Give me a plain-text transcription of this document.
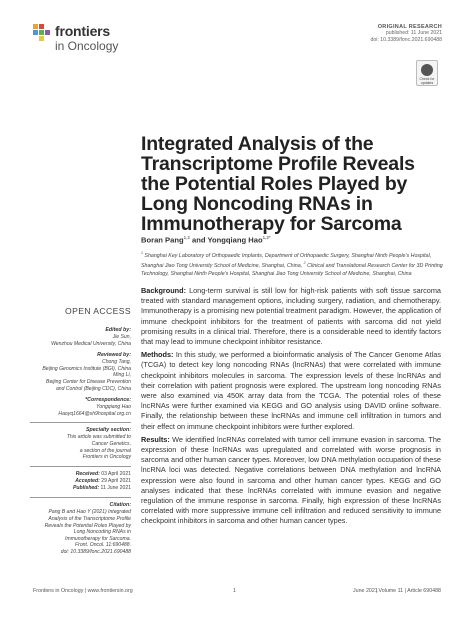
frontiers
in Oncology
ORIGINAL RESEARCH
published: 11 June 2021
doi: 10.3389/fonc.2021.690488
Check for updates
Integrated Analysis of the Transcriptome Profile Reveals the Potential Roles Played by Long Noncoding RNAs in Immunotherapy for Sarcoma
Boran Pang$^{1,2}$ and Yongqiang Hao$^{1,2*}$
$^1$ Shanghai Key Laboratory of Orthopaedic Implants, Department of Orthopaedic Surgery, Shanghai Ninth People's Hospital, Shanghai Jiao Tong University School of Medicine, Shanghai, China, $^2$ Clinical and Translational Research Center for 3D Printing Technology, Shanghai Ninth People's Hospital, Shanghai Jiao Tong University School of Medicine, Shanghai, China
OPEN ACCESS
Edited by:
Jie Sun,
Wenzhou Medical University, China
Reviewed by:
Chong Tang,
Beijing Genomics Institute (BGI), China
Ming Li,
Beijing Center for Disease Prevention
and Control (Beijing CDC), China
*Correspondence:
Yongqiang Hao
Haoyq1664@sh9hospital.org.cn
Specialty section:
This article was submitted to
Cancer Genetics,
a section of the journal
Frontiers in Oncology
Received: 03 April 2021
Accepted: 29 April 2021
Published: 11 June 2021
Citation:
Pang B and Hao Y (2021) Integrated
Analysis of the Transcriptome Profile
Reveals the Potential Roles Played by
Long Noncoding RNAs in
Immunotherapy for Sarcoma.
Front. Oncol. 11:690488.
doi: 10.3389/fonc.2021.690488

Background: Long-term survival is still low for high-risk patients with soft tissue sarcoma treated with standard management options, including surgery, radiation, and chemotherapy. Immunotherapy is a promising new potential treatment paradigm. However, the application of immune checkpoint inhibitors for the treatment of patients with sarcoma did not yield promising results in a clinical trial. Therefore, there is a considerable need to identify factors that may lead to immune checkpoint inhibitor resistance.

Methods: In this study, we performed a bioinformatic analysis of The Cancer Genome Atlas (TCGA) to detect key long noncoding RNAs (lncRNAs) that were correlated with immune checkpoint inhibitors molecules in sarcoma. The expression levels of these lncRNAs and their correlation with patient prognosis were explored. The upstream long noncoding RNAs were also examined via 450K array data from the TCGA. The potential roles of these lncRNAs were further examined via KEGG and GO analysis using DAVID online software. Finally, the relationship between these lncRNAs and immune cell infiltration in tumors and their effect on immune checkpoint inhibitors were further explored.

Results: We identified lncRNAs correlated with tumor cell immune evasion in sarcoma. The expression of these lncRNAs was upregulated and correlated with worse prognosis in sarcoma and other human cancer types. Moreover, low DNA methylation occupation of these lncRNA loci was detected. Negative correlations between DNA methylation and lncRNA expression were also found in sarcoma and other human cancer types. KEGG and GO analyses indicated that these lncRNAs correlated with immune evasion and negative regulation of the immune response in sarcoma. Finally, high expression of these lncRNAs correlated with more suppressive immune cell infiltration and reduced sensitivity to immune checkpoint inhibitors in sarcoma and other human cancer types.

Frontiers in Oncology | www.frontiersin.org	1	June 2021
| Volume 11 | Article 690488
